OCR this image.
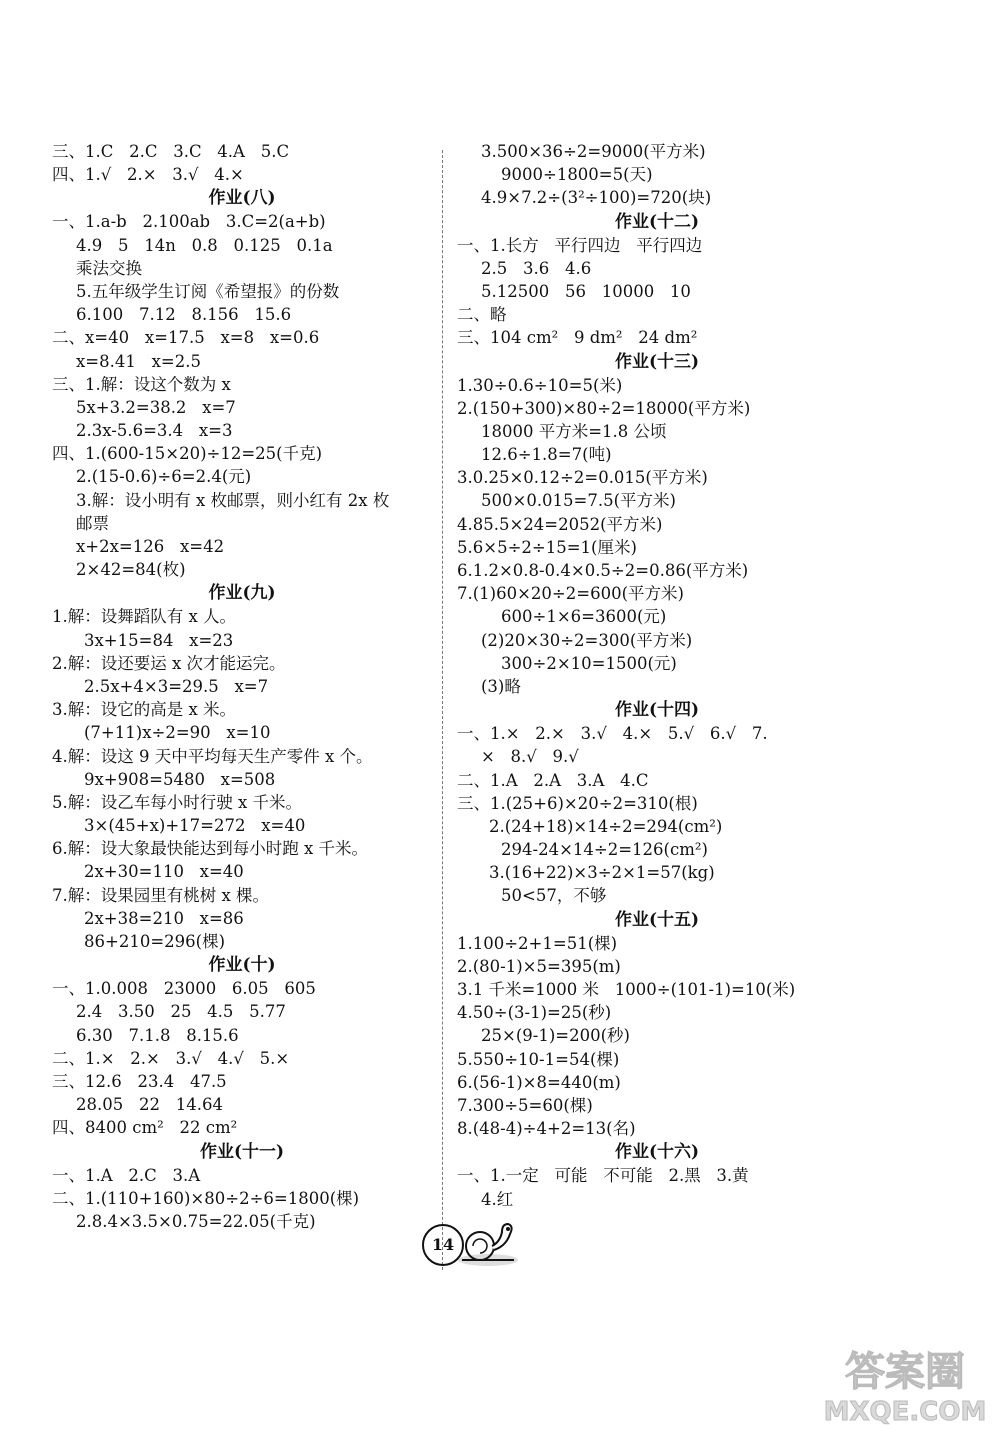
三、1.C   2.C   3.C   4.A   5.C
四、1.√   2.×   3.√   4.×
作业(八)
一、1.a-b   2.100ab   3.C=2(a+b)
4.9   5   14n   0.8   0.125   0.1a
乘法交换
5.五年级学生订阅《希望报》的份数
6.100   7.12   8.156   15.6
二、x=40   x=17.5   x=8   x=0.6
x=8.41   x=2.5
三、1.解：设这个数为 x
5x+3.2=38.2   x=7
2.3x-5.6=3.4   x=3
四、1.(600-15×20)÷12=25(千克)
2.(15-0.6)÷6=2.4(元)
3.解：设小明有 x 枚邮票，则小红有 2x 枚
邮票
x+2x=126   x=42
2×42=84(枚)
作业(九)
1.解：设舞蹈队有 x 人。
3x+15=84   x=23
2.解：设还要运 x 次才能运完。
2.5x+4×3=29.5   x=7
3.解：设它的高是 x 米。
(7+11)x÷2=90   x=10
4.解：设这 9 天中平均每天生产零件 x 个。
9x+908=5480   x=508
5.解：设乙车每小时行驶 x 千米。
3×(45+x)+17=272   x=40
6.解：设大象最快能达到每小时跑 x 千米。
2x+30=110   x=40
7.解：设果园里有桃树 x 棵。
2x+38=210   x=86
86+210=296(棵)
作业(十)
一、1.0.008   23000   6.05   605
2.4   3.50   25   4.5   5.77
6.30   7.1.8   8.15.6
二、1.×   2.×   3.√   4.√   5.×
三、12.6   23.4   47.5
28.05   22   14.64
四、8400 cm²   22 cm²
作业(十一)
一、1.A   2.C   3.A
二、1.(110+160)×80÷2÷6=1800(棵)
2.8.4×3.5×0.75=22.05(千克)
3.500×36÷2=9000(平方米)
9000÷1800=5(天)
4.9×7.2÷(3²÷100)=720(块)
作业(十二)
一、1.长方   平行四边   平行四边
2.5   3.6   4.6
5.12500   56   10000   10
二、略
三、104 cm²   9 dm²   24 dm²
作业(十三)
1.30÷0.6÷10=5(米)
2.(150+300)×80÷2=18000(平方米)
18000 平方米=1.8 公顷
12.6÷1.8=7(吨)
3.0.25×0.12÷2=0.015(平方米)
500×0.015=7.5(平方米)
4.85.5×24=2052(平方米)
5.6×5÷2÷15=1(厘米)
6.1.2×0.8-0.4×0.5÷2=0.86(平方米)
7.(1)60×20÷2=600(平方米)
600÷1×6=3600(元)
(2)20×30÷2=300(平方米)
300÷2×10=1500(元)
(3)略
作业(十四)
一、1.×   2.×   3.√   4.×   5.√   6.√   7.
×   8.√   9.√
二、1.A   2.A   3.A   4.C
三、1.(25+6)×20÷2=310(根)
2.(24+18)×14÷2=294(cm²)
294-24×14÷2=126(cm²)
3.(16+22)×3÷2×1=57(kg)
50<57，不够
作业(十五)
1.100÷2+1=51(棵)
2.(80-1)×5=395(m)
3.1 千米=1000 米   1000÷(101-1)=10(米)
4.50÷(3-1)=25(秒)
25×(9-1)=200(秒)
5.550÷10-1=54(棵)
6.(56-1)×8=440(m)
7.300÷5=60(棵)
8.(48-4)÷4+2=13(名)
作业(十六)
一、1.一定   可能   不可能   2.黑   3.黄
4.红
14
答案圈
MXQE.COM
